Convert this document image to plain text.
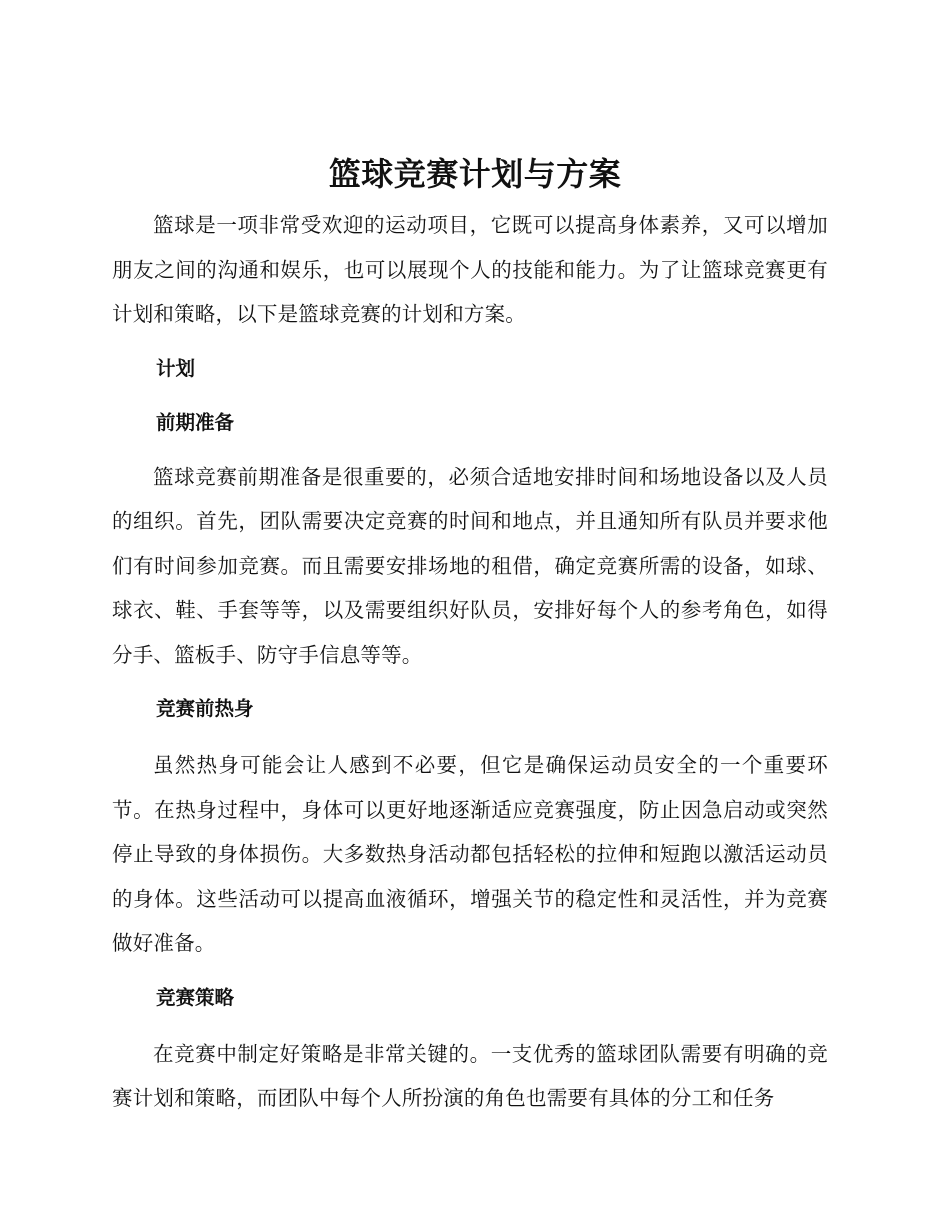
篮球竞赛计划与方案

篮球是一项非常受欢迎的运动项目，它既可以提高身体素养，又可以增加朋友之间的沟通和娱乐，也可以展现个人的技能和能力。为了让篮球竞赛更有计划和策略，以下是篮球竞赛的计划和方案。

计划

前期准备

篮球竞赛前期准备是很重要的，必须合适地安排时间和场地设备以及人员的组织。首先，团队需要决定竞赛的时间和地点，并且通知所有队员并要求他们有时间参加竞赛。而且需要安排场地的租借，确定竞赛所需的设备，如球、球衣、鞋、手套等等，以及需要组织好队员，安排好每个人的参考角色，如得分手、篮板手、防守手信息等等。

竞赛前热身

虽然热身可能会让人感到不必要，但它是确保运动员安全的一个重要环节。在热身过程中，身体可以更好地逐渐适应竞赛强度，防止因急启动或突然停止导致的身体损伤。大多数热身活动都包括轻松的拉伸和短跑以激活运动员的身体。这些活动可以提高血液循环，增强关节的稳定性和灵活性，并为竞赛做好准备。

竞赛策略

在竞赛中制定好策略是非常关键的。一支优秀的篮球团队需要有明确的竞赛计划和策略，而团队中每个人所扮演的角色也需要有具体的分工和任务
